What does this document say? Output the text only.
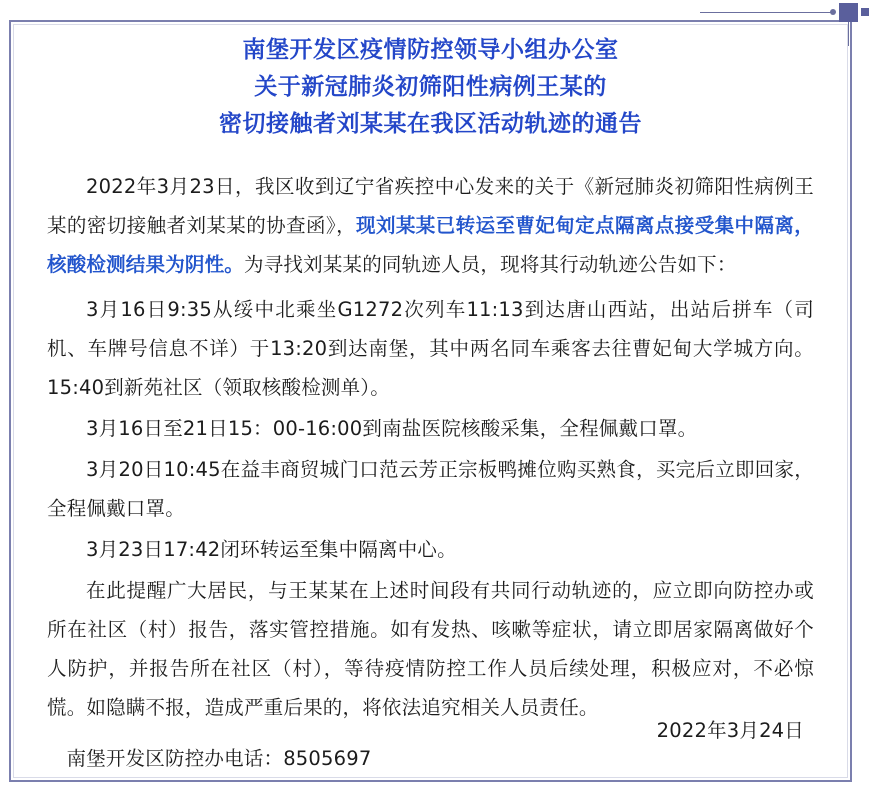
南堡开发区疫情防控领导小组办公室
关于新冠肺炎初筛阳性病例王某的
密切接触者刘某某在我区活动轨迹的通告

2022年3月23日，我区收到辽宁省疾控中心发来的关于《新冠肺炎初筛阳性病例王某的密切接触者刘某某的协查函》，现刘某某已转运至曹妃甸定点隔离点接受集中隔离，核酸检测结果为阴性。为寻找刘某某的同轨迹人员，现将其行动轨迹公告如下：

3月16日9:35从绥中北乘坐G1272次列车11:13到达唐山西站，出站后拼车（司机、车牌号信息不详）于13:20到达南堡，其中两名同车乘客去往曹妃甸大学城方向。15:40到新苑社区（领取核酸检测单）。

3月16日至21日15：00-16:00到南盐医院核酸采集，全程佩戴口罩。

3月20日10:45在益丰商贸城门口范云芳正宗板鸭摊位购买熟食，买完后立即回家，全程佩戴口罩。

3月23日17:42闭环转运至集中隔离中心。

在此提醒广大居民，与王某某在上述时间段有共同行动轨迹的，应立即向防控办或所在社区（村）报告，落实管控措施。如有发热、咳嗽等症状，请立即居家隔离做好个人防护，并报告所在社区（村），等待疫情防控工作人员后续处理，积极应对，不必惊慌。如隐瞒不报，造成严重后果的，将依法追究相关人员责任。

南堡开发区防控办电话：8505697

2022年3月24日
